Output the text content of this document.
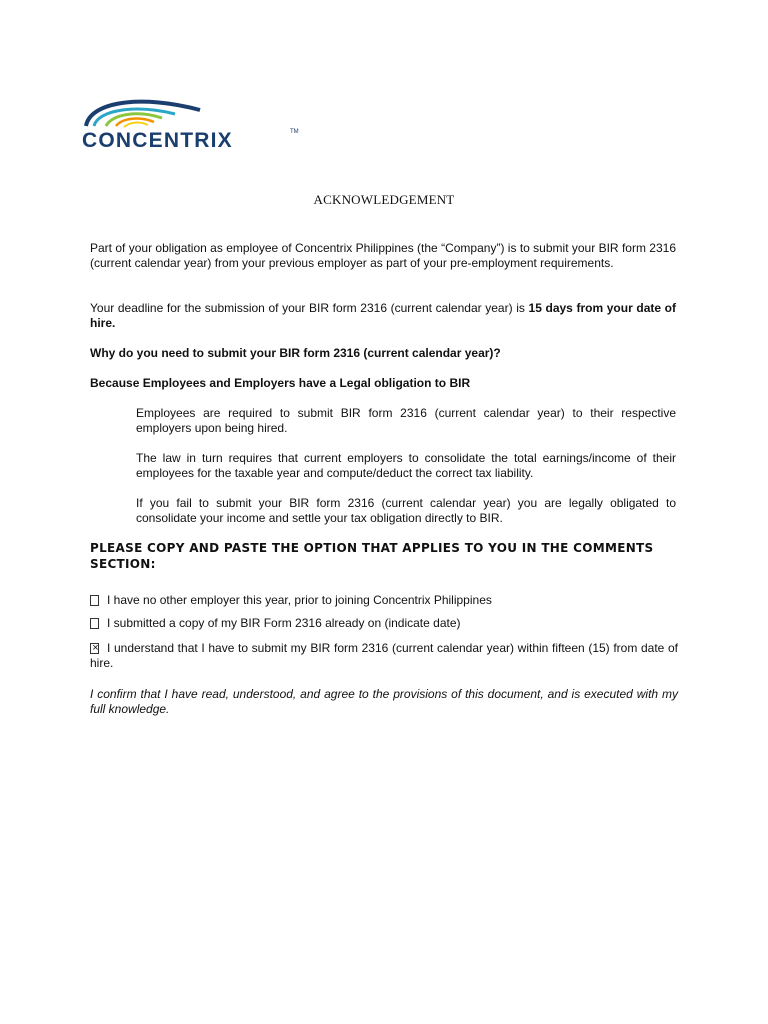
CONCENTRIX	TM
ACKNOWLEDGEMENT
Part of your obligation as employee of Concentrix Philippines (the “Company”) is to submit your BIR form 2316 (current calendar year) from your previous employer as part of your pre-employment requirements.
Your deadline for the submission of your BIR form 2316 (current calendar year) is 15 days from your date of hire.
Why do you need to submit your BIR form 2316 (current calendar year)?
Because Employees and Employers have a Legal obligation to BIR
Employees are required to submit BIR form 2316 (current calendar year) to their respective employers upon being hired.
The law in turn requires that current employers to consolidate the total earnings/income of their employees for the taxable year and compute/deduct the correct tax liability.
If you fail to submit your BIR form 2316 (current calendar year) you are legally obligated to consolidate your income and settle your tax obligation directly to BIR.
PLEASE COPY AND PASTE THE OPTION THAT APPLIES TO YOU IN THE COMMENTS SECTION:
I have no other employer this year, prior to joining Concentrix Philippines
I submitted a copy of my BIR Form 2316 already on (indicate date)
× I understand that I have to submit my BIR form 2316 (current calendar year) within fifteen (15) from date of hire.
I confirm that I have read, understood, and agree to the provisions of this document, and is executed with my full knowledge.
